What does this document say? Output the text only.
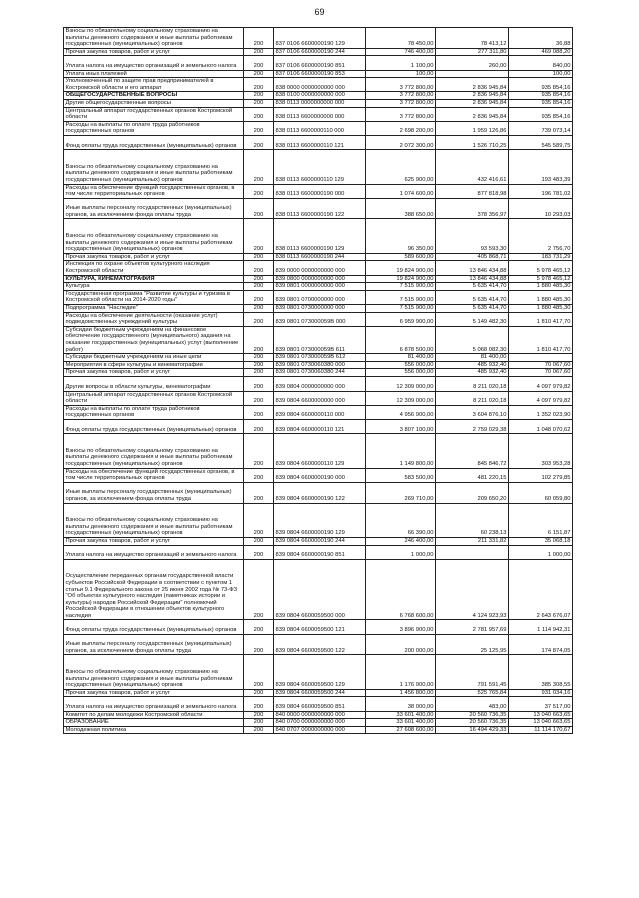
69
Взносы по обязательному социальному страхованию на выплаты денежного содержания и иные выплаты работникам государственных (муниципальных) органов	200	837 0106 6600000190 129	78 450,00	78 413,12	36,88
Прочая закупка товаров, работ и услуг	200	837 0106 6600000190 244	746 400,00	277 311,80	469 088,20
Уплата налога на имущество организаций и земельного налога	200	837 0106 6600000190 851	1 100,00	260,00	840,00
Уплата иных платежей	200	837 0106 6600000190 853	100,00		100,00
Уполномоченный по защите прав предпринимателей в Костромской области и его аппарат	200	838 0000 0000000000 000	3 772 800,00	2 836 945,84	935 854,16
ОБЩЕГОСУДАРСТВЕННЫЕ ВОПРОСЫ	200	838 0100 0000000000 000	3 772 800,00	2 836 945,84	935 854,16
Другие общегосударственные вопросы	200	838 0113 0000000000 000	3 772 800,00	2 836 945,84	935 854,16
Центральный аппарат государственных органов Костромской области	200	838 0113 6600000000 000	3 772 800,00	2 836 945,84	935 854,16
Расходы на выплаты по оплате труда работников государственных органов	200	838 0113 6600000110 000	2 698 200,00	1 959 126,86	739 073,14
Фонд оплаты труда государственных (муниципальных) органов	200	838 0113 6600000110 121	2 072 300,00	1 526 710,25	545 589,75
Взносы по обязательному социальному страхованию на выплаты денежного содержания и иные выплаты работникам государственных (муниципальных) органов	200	838 0113 6600000110 129	625 900,00	432 416,61	193 483,39
Расходы на обеспечение функций государственных органов, в том числе территориальных органов	200	838 0113 6600000190 000	1 074 600,00	877 818,98	196 781,02
Иные выплаты персоналу государственных (муниципальных) органов, за исключением фонда оплаты труда	200	838 0113 6600000190 122	388 650,00	378 356,97	10 293,03
Взносы по обязательному социальному страхованию на выплаты денежного содержания и иные выплаты работникам государственных (муниципальных) органов	200	838 0113 6600000190 129	96 350,00	93 593,30	2 756,70
Прочая закупка товаров, работ и услуг	200	838 0113 6600000190 244	589 600,00	405 868,71	183 731,29
Инспекция по охране объектов культурного наследия Костромской области	200	839 0000 0000000000 000	19 824 900,00	13 846 434,88	5 978 465,12
КУЛЬТУРА, КИНЕМАТОГРАФИЯ	200	839 0800 0000000000 000	19 824 900,00	13 846 434,88	5 978 465,12
Культура	200	839 0801 0000000000 000	7 515 900,00	5 635 414,70	1 880 485,30
Государственная программа "Развитие культуры и туризма в Костромской области на 2014-2020 годы"	200	839 0801 0700000000 000	7 515 900,00	5 635 414,70	1 880 485,30
Подпрограмма "Наследие"	200	839 0801 0730000000 000	7 515 900,00	5 635 414,70	1 880 485,30
Расходы на обеспечение деятельности (оказание услуг) подведомственных учреждений культуры	200	839 0801 073000059В 000	6 959 900,00	5 149 482,30	1 810 417,70
Субсидии бюджетным учреждениям на финансовое обеспечение государственного (муниципального) задания на оказание государственных (муниципальных) услуг (выполнение работ)	200	839 0801 073000059В 611	6 878 500,00	5 068 082,30	1 810 417,70
Субсидии бюджетным учреждениям на иные цели	200	839 0801 073000059В 612	81 400,00	81 400,00	
Мероприятия в сфере культуры и кинематографии	200	839 0801 0730060380 000	556 000,00	485 932,40	70 067,60
Прочая закупка товаров, работ и услуг	200	839 0801 0730060380 244	556 000,00	485 932,40	70 067,60
Другие вопросы в области культуры, кинематографии	200	839 0804 0000000000 000	12 309 000,00	8 211 020,18	4 097 979,82
Центральный аппарат государственных органов Костромской области	200	839 0804 6600000000 000	12 309 000,00	8 211 020,18	4 097 979,82
Расходы на выплаты по оплате труда работников государственных органов	200	839 0804 6600000110 000	4 956 900,00	3 604 876,10	1 352 023,90
Фонд оплаты труда государственных (муниципальных) органов	200	839 0804 6600000110 121	3 807 100,00	2 759 029,38	1 048 070,62
Взносы по обязательному социальному страхованию на выплаты денежного содержания и иные выплаты работникам государственных (муниципальных) органов	200	839 0804 6600000110 129	1 149 800,00	845 846,72	303 953,28
Расходы на обеспечение функций государственных органов, в том числе территориальных органов	200	839 0804 6600000190 000	583 500,00	481 220,15	102 279,85
Иные выплаты персоналу государственных (муниципальных) органов, за исключением фонда оплаты труда	200	839 0804 6600000190 122	269 710,00	209 650,20	60 059,80
Взносы по обязательному социальному страхованию на выплаты денежного содержания и иные выплаты работникам государственных (муниципальных) органов	200	839 0804 6600000190 129	66 390,00	60 238,13	6 151,87
Прочая закупка товаров, работ и услуг	200	839 0804 6600000190 244	246 400,00	211 331,82	35 068,18
Уплата налога на имущество организаций и земельного налога	200	839 0804 6600000190 851	1 000,00		1 000,00
Осуществление переданных органам государственной власти субъектов Российской Федерации в соответствии с пунктом 1 статьи 9.1 Федерального закона от 25 июня 2002 года № 73-ФЗ "Об объектах культурного наследия (памятниках истории и культуры) народов Российской Федерации" полномочий Российской Федерации в отношении объектов культурного наследия	200	839 0804 6600059500 000	6 768 600,00	4 124 923,93	2 643 676,07
Фонд оплаты труда государственных (муниципальных) органов	200	839 0804 6600059500 121	3 896 900,00	2 781 957,69	1 114 942,31
Иные выплаты персоналу государственных (муниципальных) органов, за исключением фонда оплаты труда	200	839 0804 6600059500 122	200 000,00	25 125,95	174 874,05
Взносы по обязательному социальному страхованию на выплаты денежного содержания и иные выплаты работникам государственных (муниципальных) органов	200	839 0804 6600059500 129	1 176 900,00	791 591,45	385 308,55
Прочая закупка товаров, работ и услуг	200	839 0804 6600059500 244	1 456 800,00	525 765,84	931 034,16
Уплата налога на имущество организаций и земельного налога	200	839 0804 6600059500 851	38 000,00	483,00	37 517,00
Комитет по делам молодежи Костромской области	200	840 0000 0000000000 000	33 601 400,00	20 560 736,35	13 040 663,65
ОБРАЗОВАНИЕ	200	840 0700 0000000000 000	33 601 400,00	20 560 736,35	13 040 663,65
Молодежная политика	200	840 0707 0000000000 000	27 608 600,00	16 494 429,33	11 114 170,67
